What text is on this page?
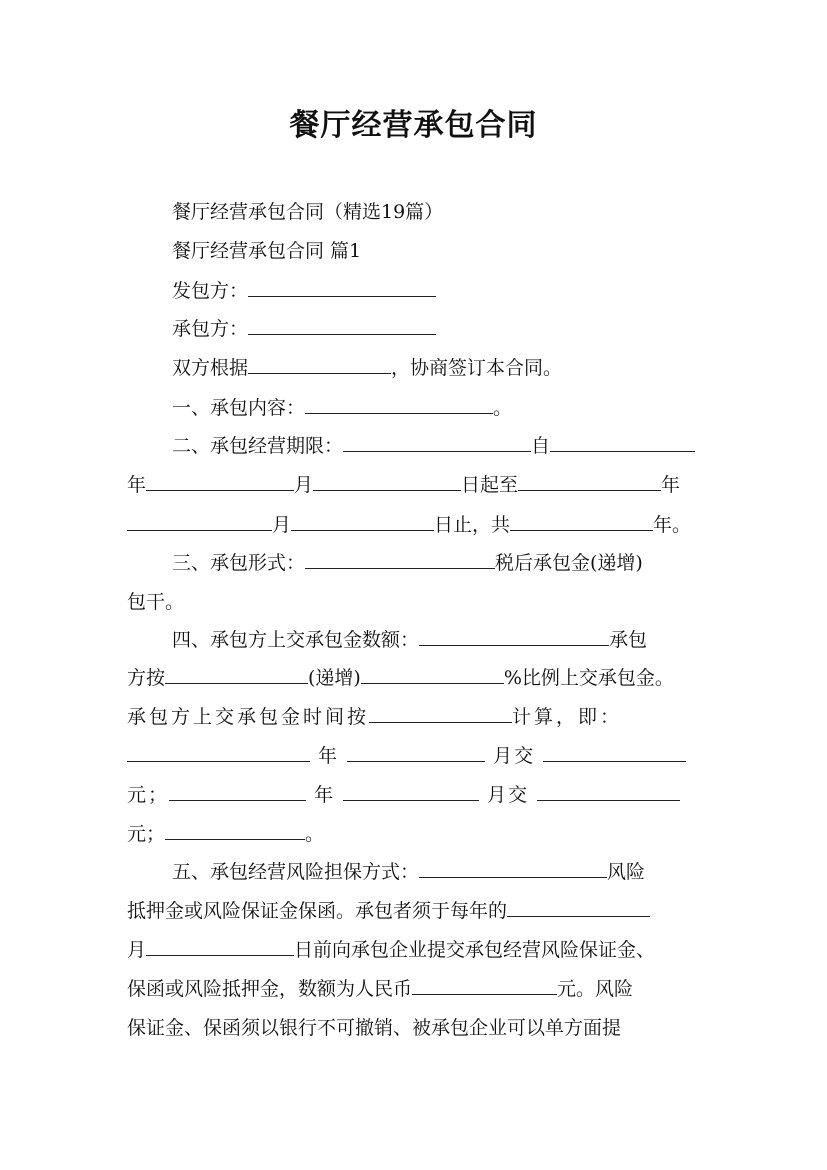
餐厅经营承包合同
餐厅经营承包合同（精选19篇）
餐厅经营承包合同 篇1
发包方：
承包方：
双方根据	，协商签订本合同。
一、承包内容：	。
二、承包经营期限：	自
年	月	日起至	年
月	日止，共	年。
三、承包形式：	税后承包金(递增)
包干。
四、承包方上交承包金数额：	承包
方按	(递增)	%比例上交承包金。
承包方上交承包金时间按	计算，即：
年	月交
元；	年	月交
元；	。
五、承包经营风险担保方式：	风险
抵押金或风险保证金保函。承包者须于每年的
月	日前向承包企业提交承包经营风险保证金、
保函或风险抵押金，数额为人民币	元。风险
保证金、保函须以银行不可撤销、被承包企业可以单方面提
